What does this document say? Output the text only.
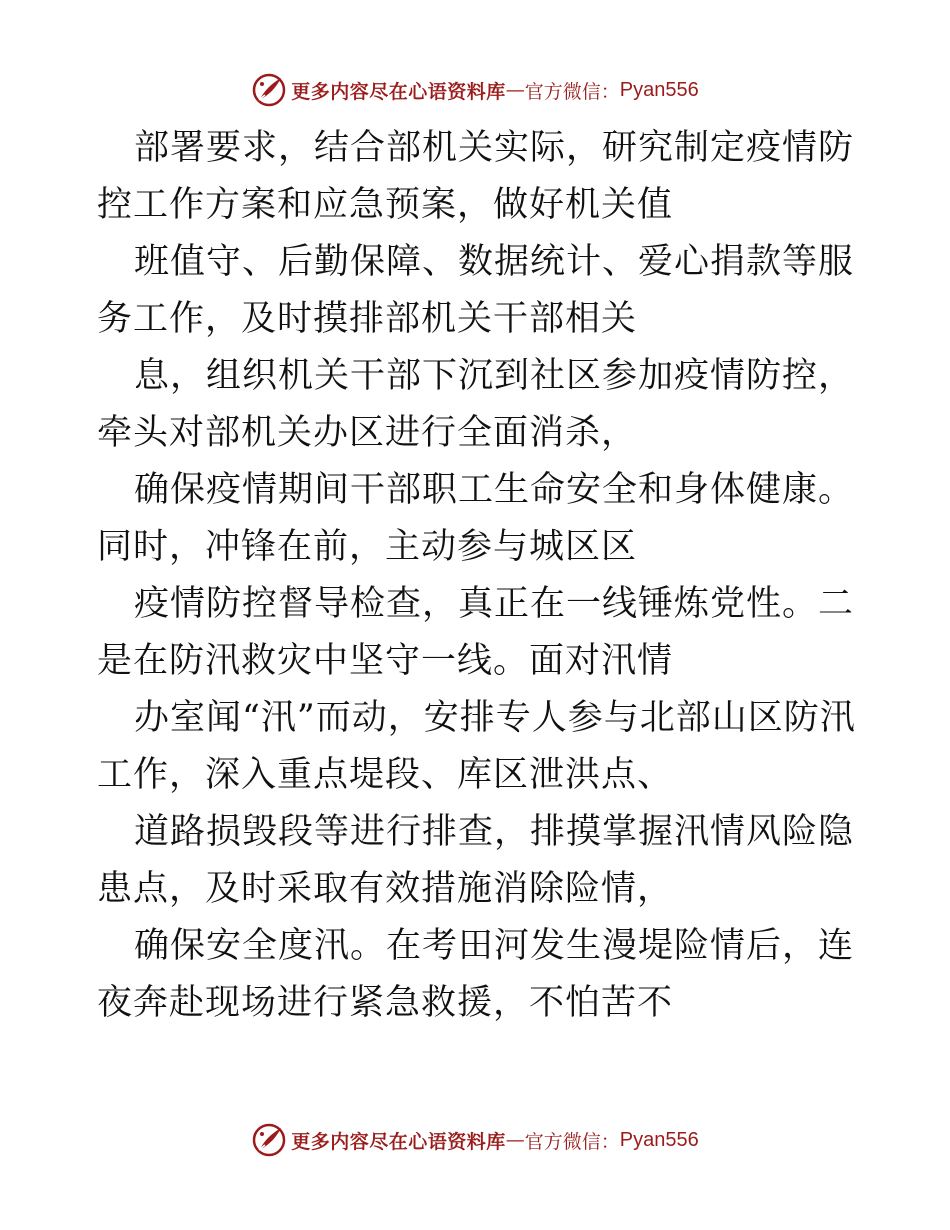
更多内容尽在心语资料库 — 官方微信： Pyan556

部署要求，结合部机关实际，研究制定疫情防控工作方案和应急预案，做好机关值

班值守、后勤保障、数据统计、爱心捐款等服务工作，及时摸排部机关干部相关

息，组织机关干部下沉到社区参加疫情防控，牵头对部机关办区进行全面消杀，

确保疫情期间干部职工生命安全和身体健康。同时，冲锋在前，主动参与城区区

疫情防控督导检查，真正在一线锤炼党性。二是在防汛救灾中坚守一线。面对汛情

办室闻“汛”而动，安排专人参与北部山区防汛工作，深入重点堤段、库区泄洪点、

道路损毁段等进行排查，排摸掌握汛情风险隐患点，及时采取有效措施消除险情，

确保安全度汛。在考田河发生漫堤险情后，连夜奔赴现场进行紧急救援，不怕苦不

更多内容尽在心语资料库 — 官方微信： Pyan556
